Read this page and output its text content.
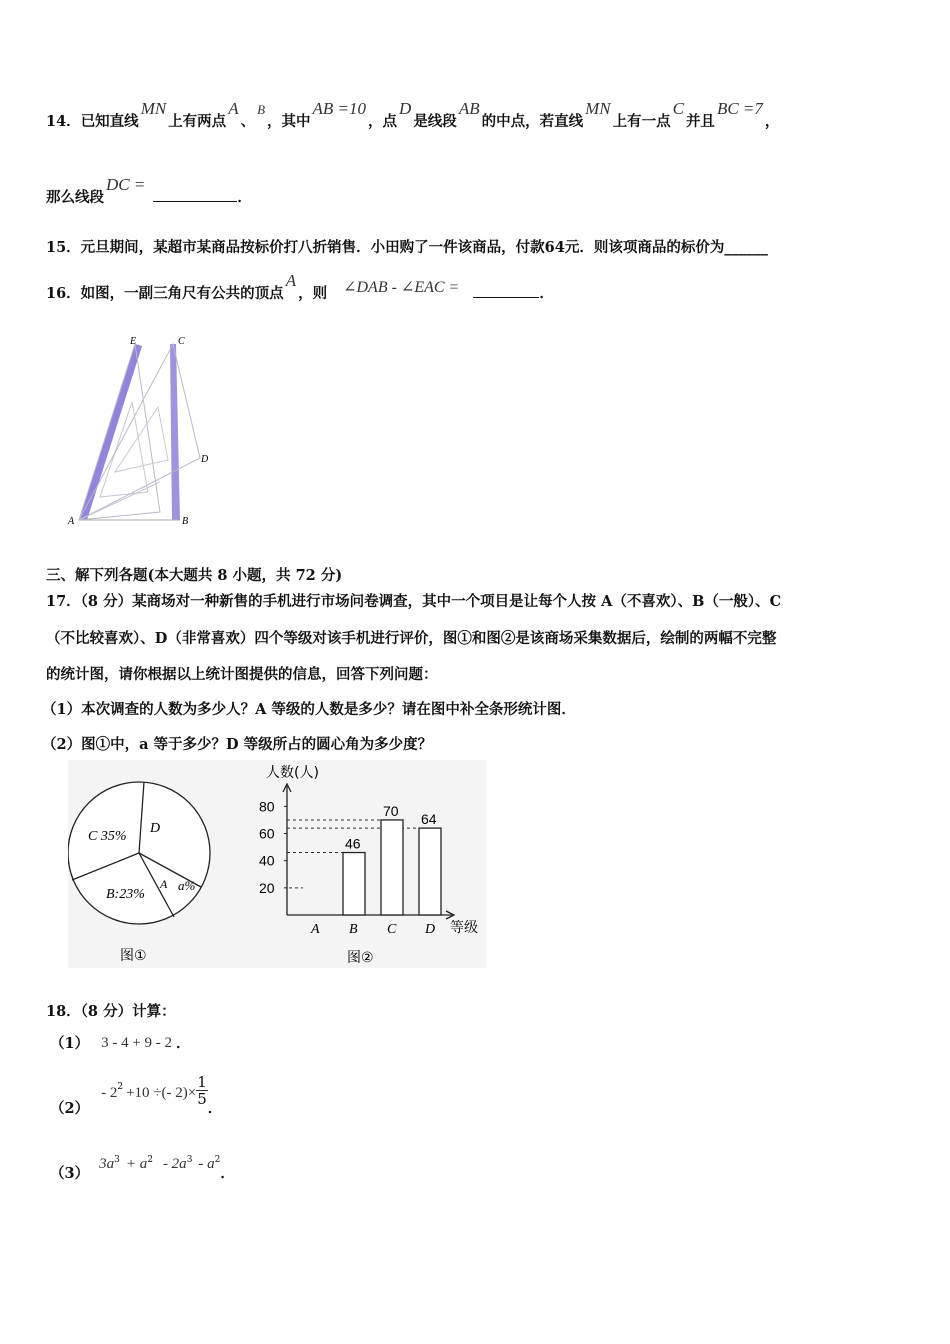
14．已知直线MN上有两点A、B，其中AB =10，点D是线段AB的中点，若直线MN上有一点C并且BC =7，
那么线段DC =．
15．元旦期间，某超市某商品按标价打八折销售．小田购了一件该商品，付款64元．则该项商品的标价为______
16．如图，一副三角尺有公共的顶点A，则 ∠DAB - ∠EAC =	．
E	C
D
A	B
三、解下列各题(本大题共 8 小题，共 72 分)
17．（8 分）某商场对一种新售的手机进行市场问卷调查，其中一个项目是让每个人按 A（不喜欢）、B（一般）、C
（不比较喜欢）、D（非常喜欢）四个等级对该手机进行评价，图①和图②是该商场采集数据后，绘制的两幅不完整
的统计图，请你根据以上统计图提供的信息，回答下列问题：
（1）本次调查的人数为多少人？A 等级的人数是多少？请在图中补全条形统计图．
（2）图①中，a 等于多少？D 等级所占的圆心角为多少度？
C 35%
D
B:23%
A a%
图①
人数(人)
等级
20
40
60
80
46
70
64
A B C D
图②
18．（8 分）计算：
（1） 3 - 4 + 9 - 2 ．
（2）- $2^2 +10$ ÷(- $2)\times \frac{1}{5}$
．
$(3)3a^3 + a^2 - 2a^3 - a^2$．
